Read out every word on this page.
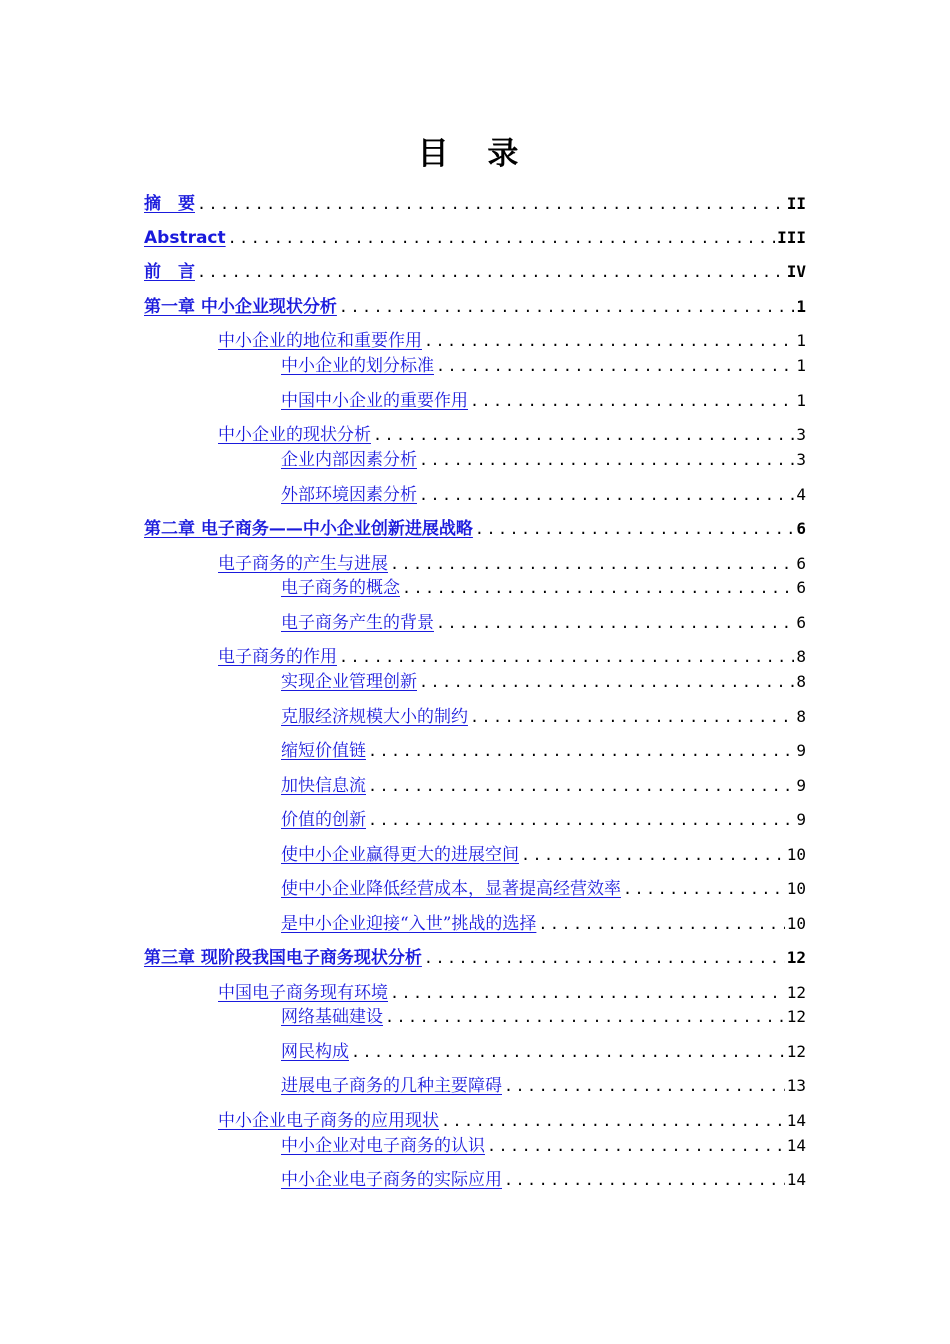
目 录
摘　要 .....	II
Abstract .....	III
前　言 .....	IV
第一章 中小企业现状分析 .....	1
中小企业的地位和重要作用 .....	1
中小企业的划分标准 .....	1
中国中小企业的重要作用 .....	1
中小企业的现状分析 .....	3
企业内部因素分析 .....	3
外部环境因素分析 .....	4
第二章 电子商务——中小企业创新进展战略 .....	6
电子商务的产生与进展 .....	6
电子商务的概念 .....	6
电子商务产生的背景 .....	6
电子商务的作用 .....	8
实现企业管理创新 .....	8
克服经济规模大小的制约 .....	8
缩短价值链 .....	9
加快信息流 .....	9
价值的创新 .....	9
使中小企业赢得更大的进展空间 .....	10
使中小企业降低经营成本，显著提高经营效率 .....	10
是中小企业迎接“入世”挑战的选择 .....	10
第三章 现阶段我国电子商务现状分析 .....	12
中国电子商务现有环境 .....	12
网络基础建设 .....	12
网民构成 .....	12
进展电子商务的几种主要障碍 .....	13
中小企业电子商务的应用现状 .....	14
中小企业对电子商务的认识 .....	14
中小企业电子商务的实际应用 .....	14
